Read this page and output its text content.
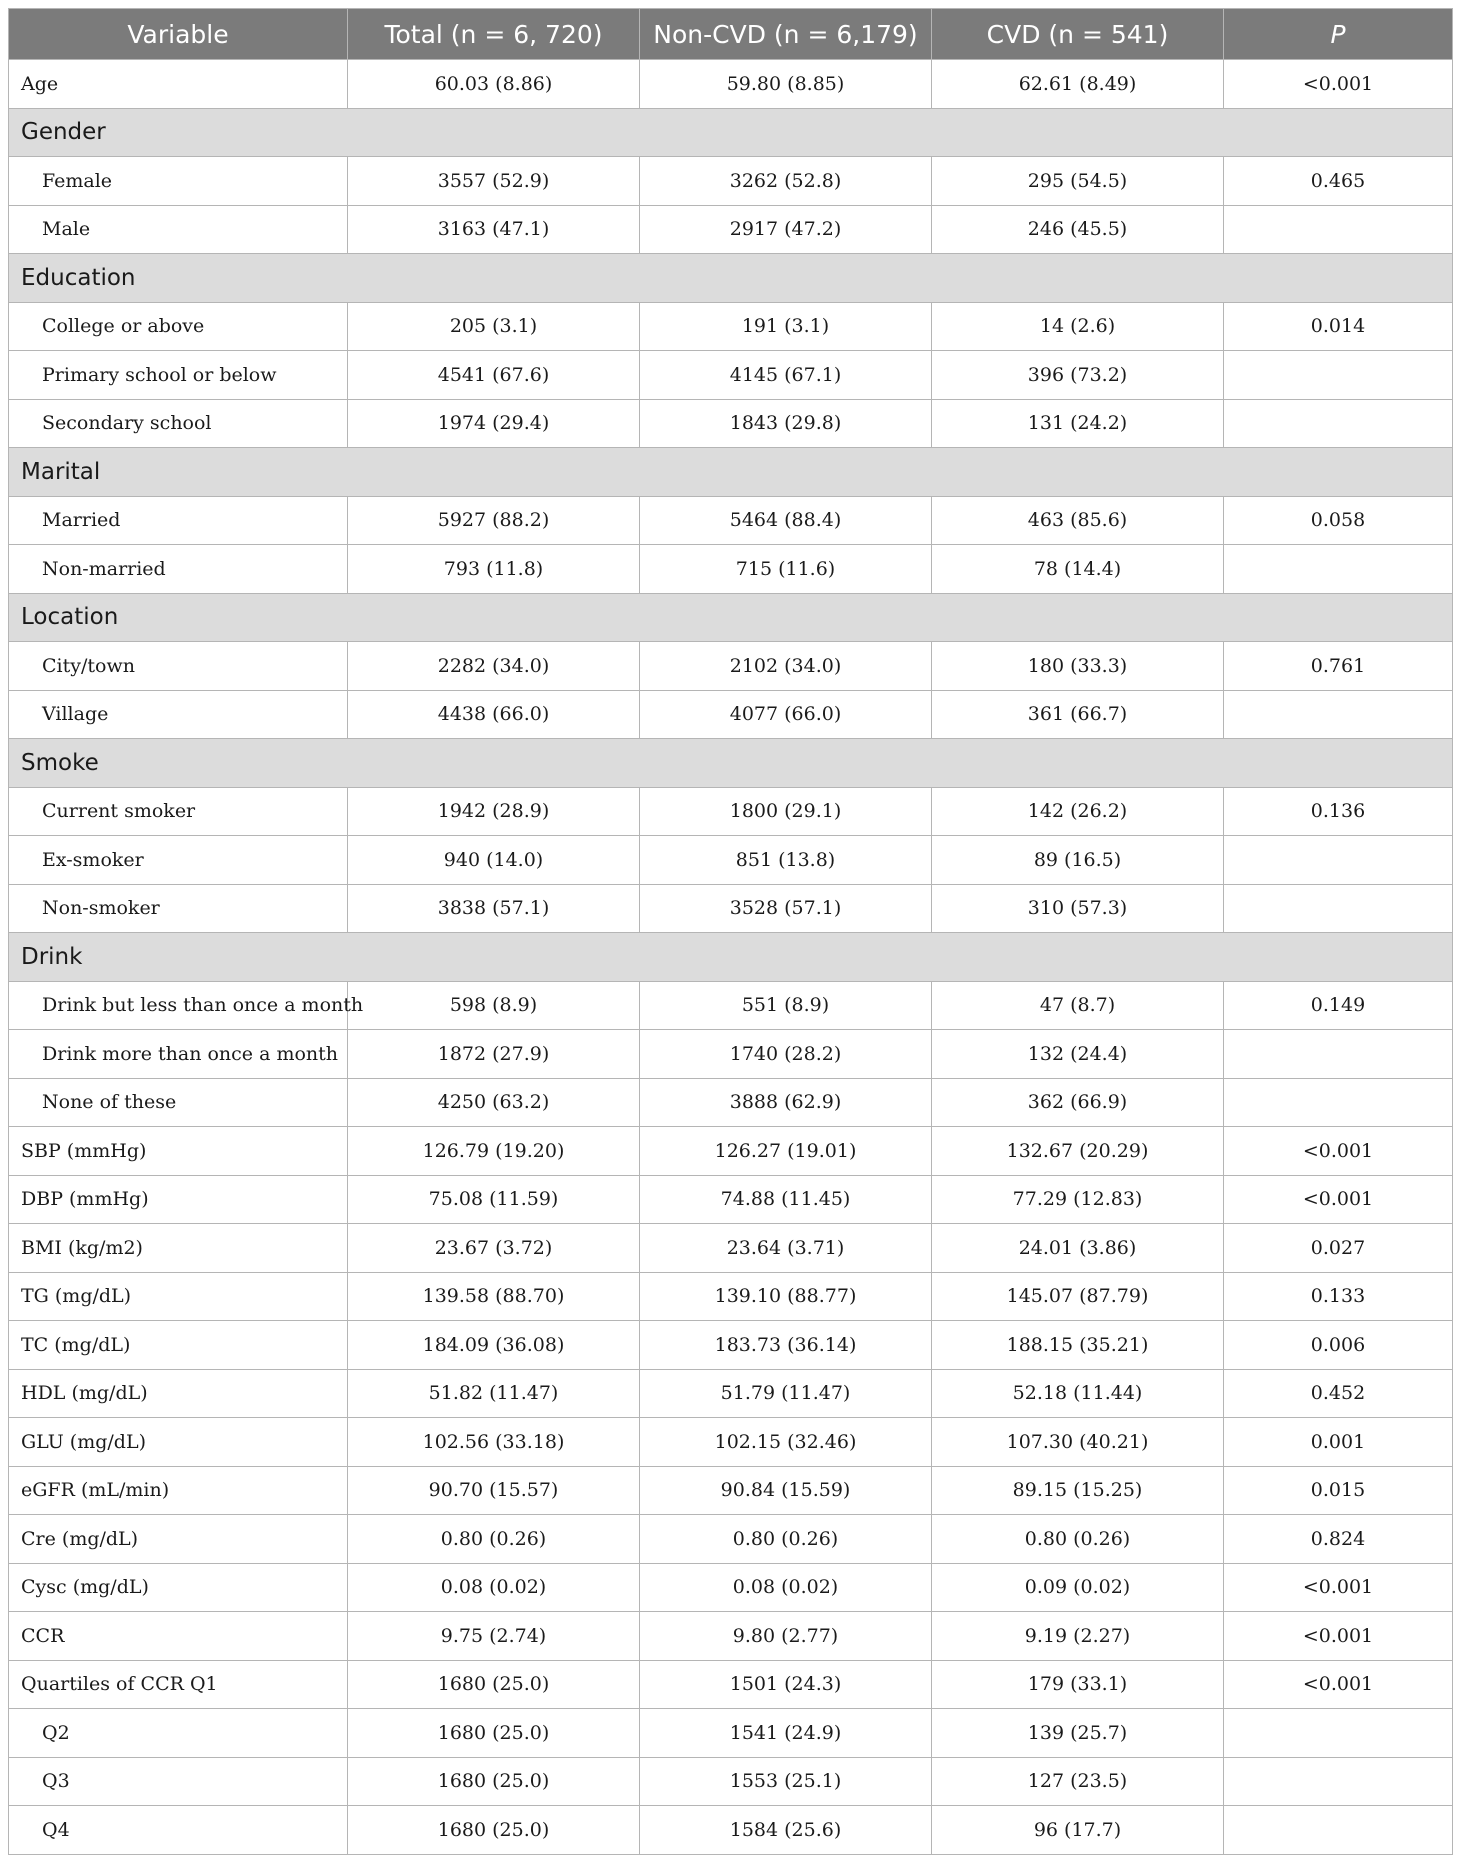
Variable	Total (n = 6, 720)	Non-CVD (n = 6,179)	CVD (n = 541)	P
Age	60.03 (8.86)	59.80 (8.85)	62.61 (8.49)	<0.001
Gender				
Female	3557 (52.9)	3262 (52.8)	295 (54.5)	0.465
Male	3163 (47.1)	2917 (47.2)	246 (45.5)	
Education				
College or above	205 (3.1)	191 (3.1)	14 (2.6)	0.014
Primary school or below	4541 (67.6)	4145 (67.1)	396 (73.2)	
Secondary school	1974 (29.4)	1843 (29.8)	131 (24.2)	
Marital				
Married	5927 (88.2)	5464 (88.4)	463 (85.6)	0.058
Non-married	793 (11.8)	715 (11.6)	78 (14.4)	
Location				
City/town	2282 (34.0)	2102 (34.0)	180 (33.3)	0.761
Village	4438 (66.0)	4077 (66.0)	361 (66.7)	
Smoke				
Current smoker	1942 (28.9)	1800 (29.1)	142 (26.2)	0.136
Ex-smoker	940 (14.0)	851 (13.8)	89 (16.5)	
Non-smoker	3838 (57.1)	3528 (57.1)	310 (57.3)	
Drink				
Drink but less than once a month	598 (8.9)	551 (8.9)	47 (8.7)	0.149
Drink more than once a month	1872 (27.9)	1740 (28.2)	132 (24.4)	
None of these	4250 (63.2)	3888 (62.9)	362 (66.9)	
SBP (mmHg)	126.79 (19.20)	126.27 (19.01)	132.67 (20.29)	<0.001
DBP (mmHg)	75.08 (11.59)	74.88 (11.45)	77.29 (12.83)	<0.001
BMI (kg/m2)	23.67 (3.72)	23.64 (3.71)	24.01 (3.86)	0.027
TG (mg/dL)	139.58 (88.70)	139.10 (88.77)	145.07 (87.79)	0.133
TC (mg/dL)	184.09 (36.08)	183.73 (36.14)	188.15 (35.21)	0.006
HDL (mg/dL)	51.82 (11.47)	51.79 (11.47)	52.18 (11.44)	0.452
GLU (mg/dL)	102.56 (33.18)	102.15 (32.46)	107.30 (40.21)	0.001
eGFR (mL/min)	90.70 (15.57)	90.84 (15.59)	89.15 (15.25)	0.015
Cre (mg/dL)	0.80 (0.26)	0.80 (0.26)	0.80 (0.26)	0.824
Cysc (mg/dL)	0.08 (0.02)	0.08 (0.02)	0.09 (0.02)	<0.001
CCR	9.75 (2.74)	9.80 (2.77)	9.19 (2.27)	<0.001
Quartiles of CCR Q1	1680 (25.0)	1501 (24.3)	179 (33.1)	<0.001
Q2	1680 (25.0)	1541 (24.9)	139 (25.7)	
Q3	1680 (25.0)	1553 (25.1)	127 (23.5)	
Q4	1680 (25.0)	1584 (25.6)	96 (17.7)	
